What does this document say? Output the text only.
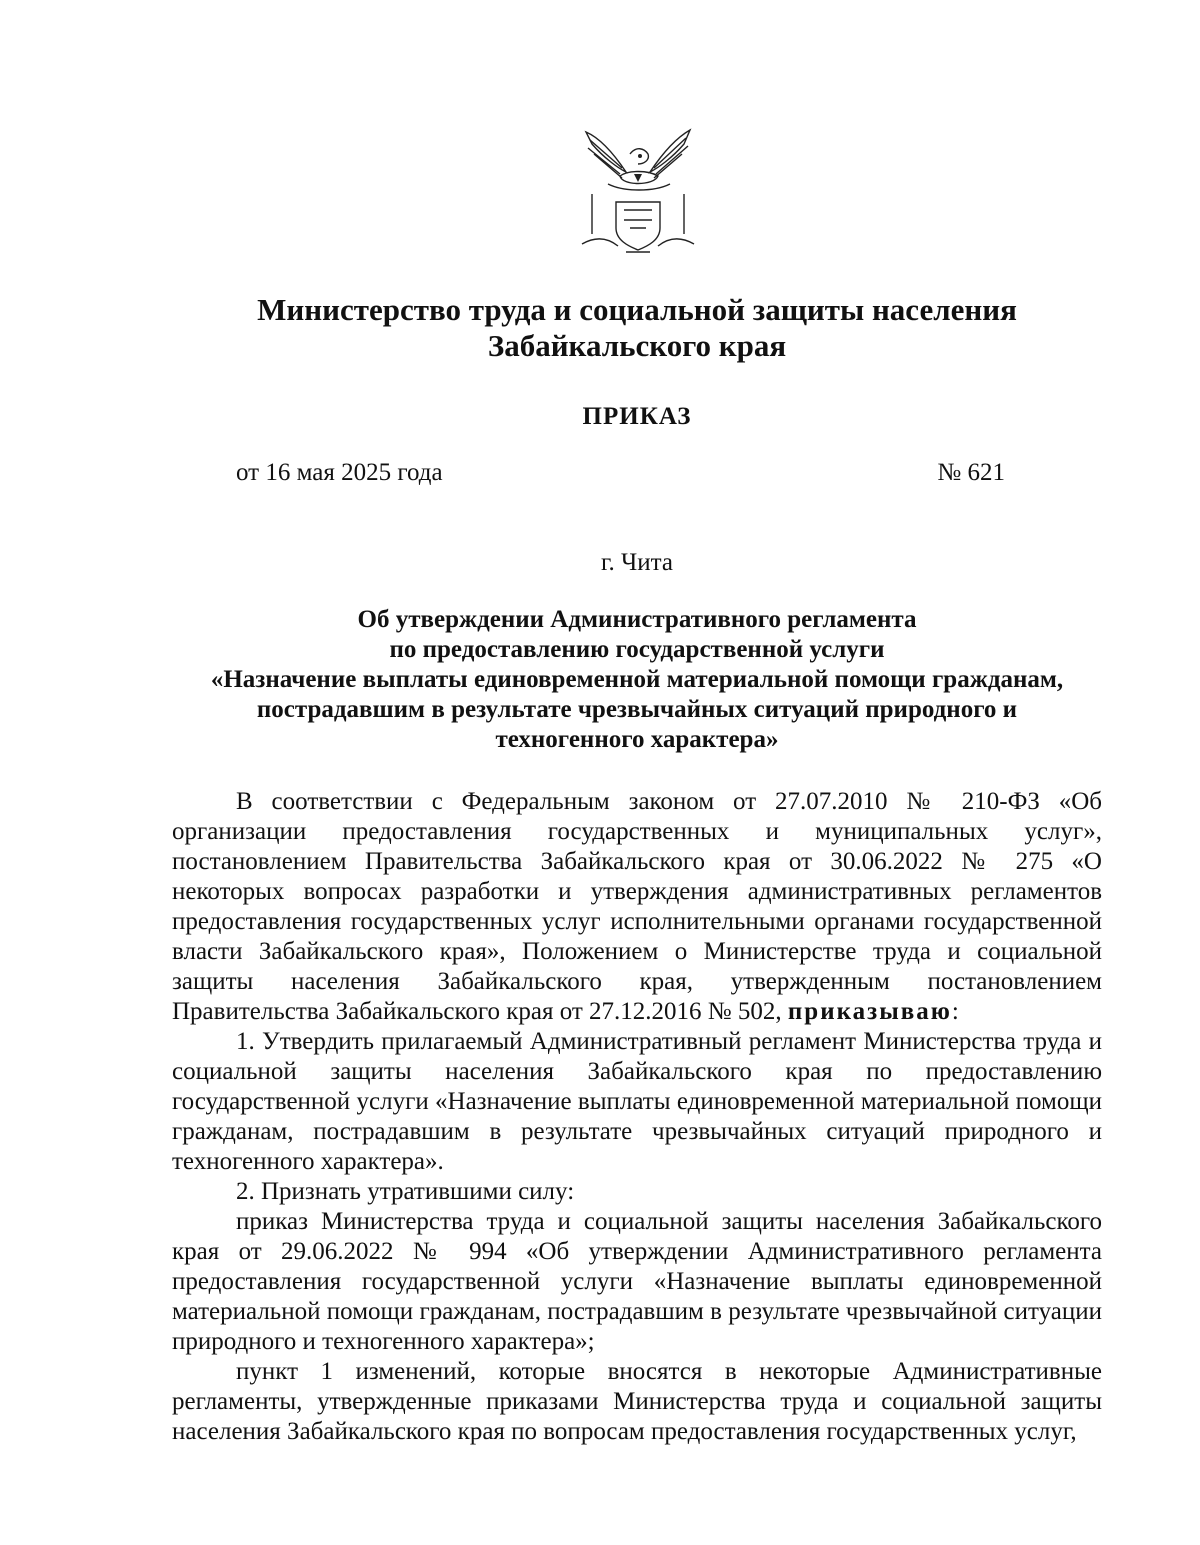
Министерство труда и социальной защиты населения
Забайкальского края
ПРИКАЗ
от 16 мая 2025 года	№ 621
г. Чита
Об утверждении Административного регламента
по предоставлению государственной услуги
«Назначение выплаты единовременной материальной помощи гражданам,
пострадавшим в результате чрезвычайных ситуаций природного и
техногенного характера»

В соответствии с Федеральным законом от 27.07.2010 № 210-ФЗ «Об организации предоставления государственных и муниципальных услуг», постановлением Правительства Забайкальского края от 30.06.2022 № 275 «О некоторых вопросах разработки и утверждения административных регламентов предоставления государственных услуг исполнительными органами государственной власти Забайкальского края», Положением о Министерстве труда и социальной защиты населения Забайкальского края, утвержденным постановлением Правительства Забайкальского края от 27.12.2016 № 502, приказываю:

1. Утвердить прилагаемый Административный регламент Министерства труда и социальной защиты населения Забайкальского края по предоставлению государственной услуги «Назначение выплаты единовременной материальной помощи гражданам, пострадавшим в результате чрезвычайных ситуаций природного и техногенного характера».

2. Признать утратившими силу:

приказ Министерства труда и социальной защиты населения Забайкальского края от 29.06.2022 № 994 «Об утверждении Административного регламента предоставления государственной услуги «Назначение выплаты единовременной материальной помощи гражданам, пострадавшим в результате чрезвычайной ситуации природного и техногенного характера»;

пункт 1 изменений, которые вносятся в некоторые Административные регламенты, утвержденные приказами Министерства труда и социальной защиты населения Забайкальского края по вопросам предоставления государственных услуг,
